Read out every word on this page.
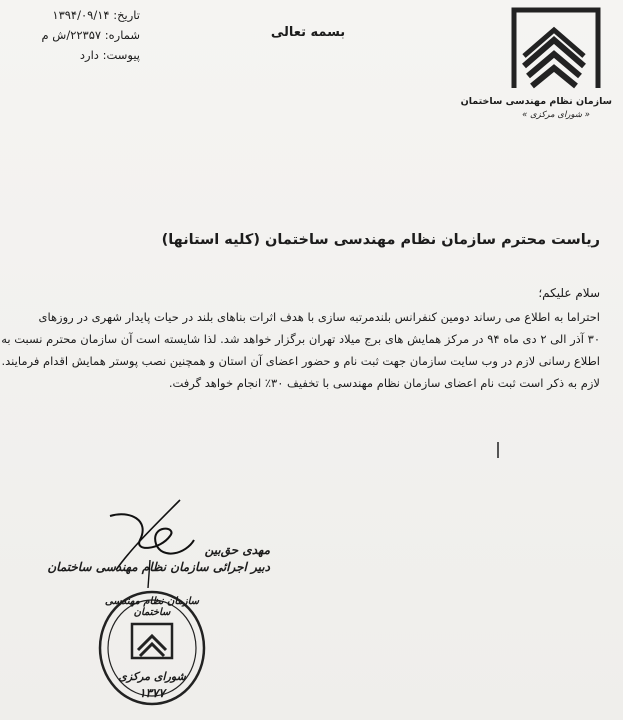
سازمان نظام مهندسی ساختمان
« شورای مرکزی »
تاریخ: ۱۳۹۴/۰۹/۱۴
شماره: ۲۲۳۵۷/ش م
پیوست: دارد
بسمه تعالی
ریاست محترم سازمان نظام مهندسی ساختمان (کلیه استانها)
سلام علیکم؛
احتراما به اطلاع می رساند دومین کنفرانس بلندمرتبه سازی با هدف اثرات بناهای بلند در حیات پایدار شهری در روزهای
۳۰ آذر الی ۲ دی ماه ۹۴ در مرکز همایش های برج میلاد تهران برگزار خواهد شد. لذا شایسته است آن سازمان محترم نسبت به
اطلاع رسانی لازم در وب سایت سازمان جهت ثبت نام و حضور اعضای آن استان و همچنین نصب پوستر همایش اقدام فرمایند.
لازم به ذکر است ثبت نام اعضای سازمان نظام مهندسی با تخفیف ۳۰٪ انجام خواهد گرفت.
مهدی حق‌بین
دبیر اجرائی سازمان نظام مهندسی ساختمان
سازمان نظام مهندسی ساختمان
شورای مرکزی
۱۳۷۷
